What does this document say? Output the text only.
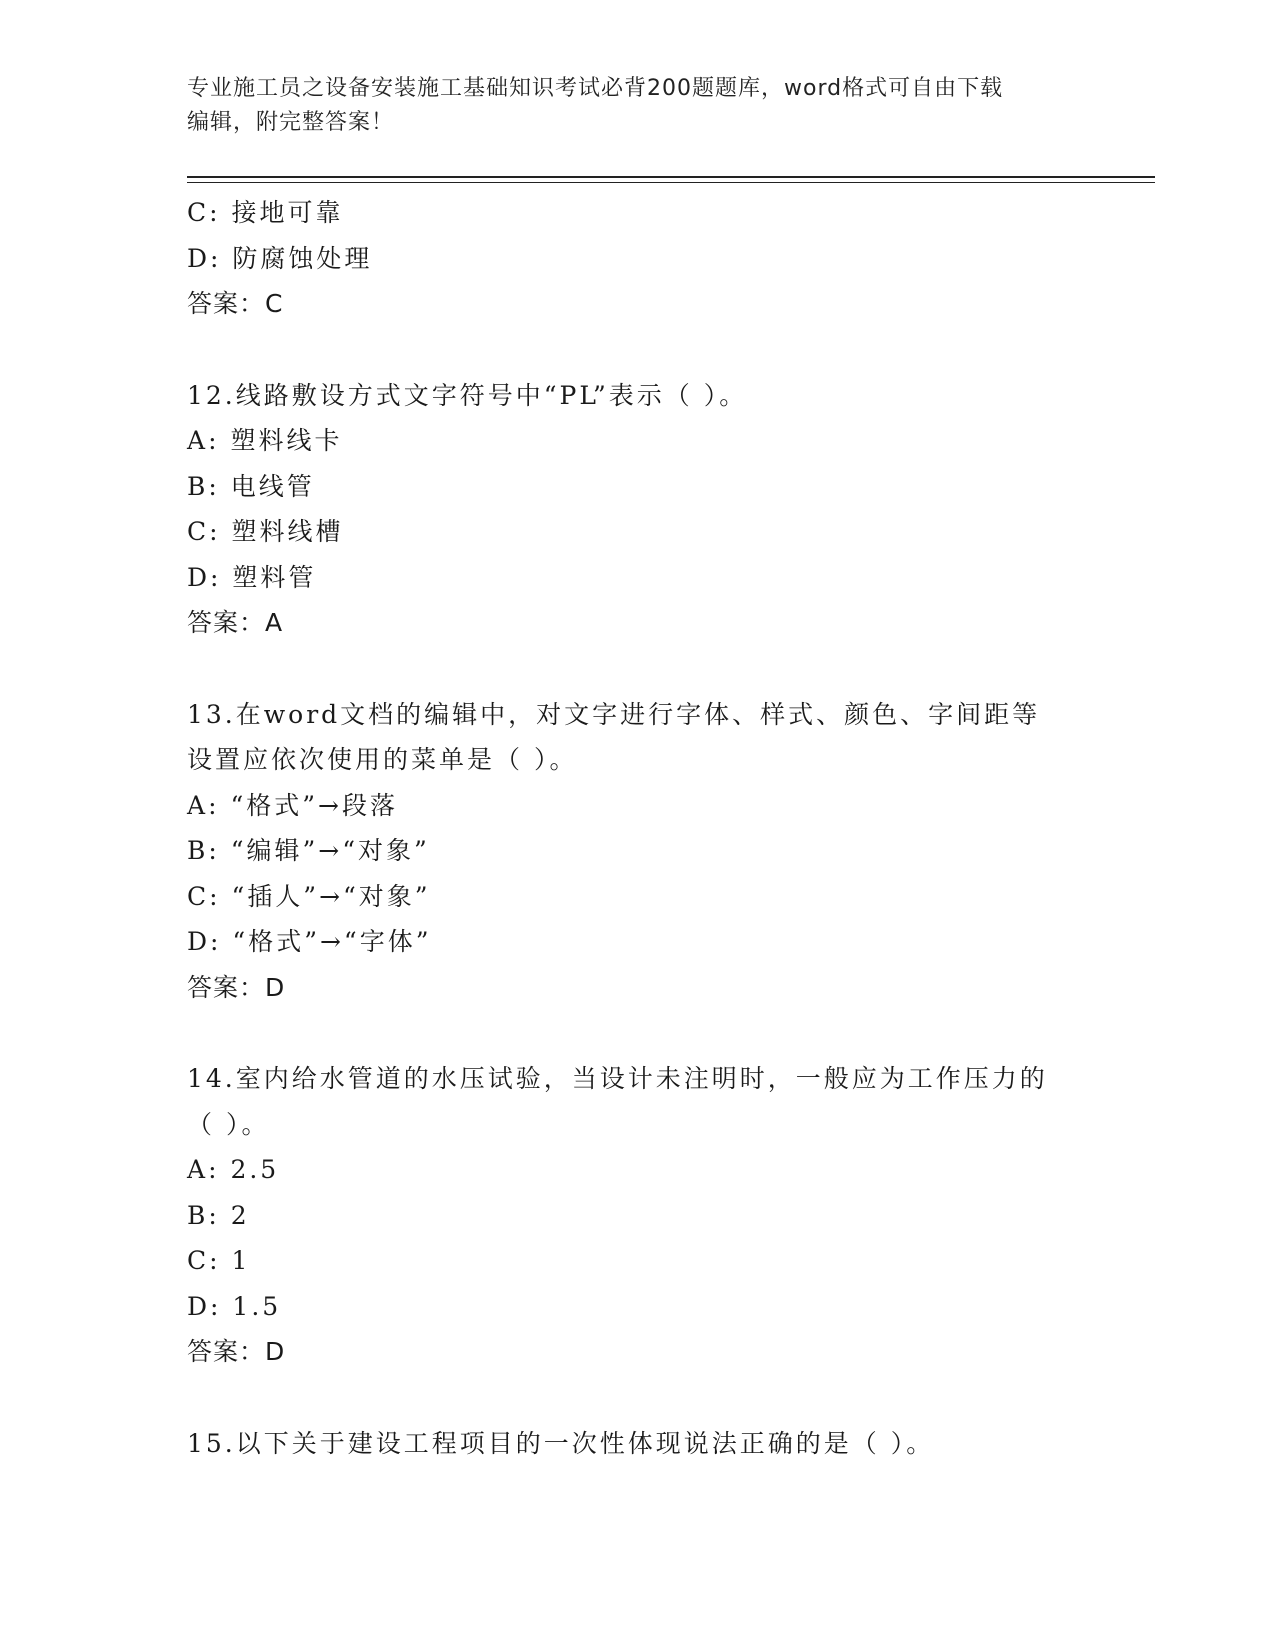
专业施工员之设备安装施工基础知识考试必背200题题库，word格式可自由下载
编辑，附完整答案！
C: 接地可靠
D: 防腐蚀处理
答案：C
12.线路敷设方式文字符号中“PL”表示（ ）。
A: 塑料线卡
B: 电线管
C: 塑料线槽
D: 塑料管
答案：A
13.在word文档的编辑中，对文字进行字体、样式、颜色、字间距等
设置应依次使用的菜单是（ ）。
A: “格式”→段落
B: “编辑”→“对象”
C: “插人”→“对象”
D: “格式”→“字体”
答案：D
14.室内给水管道的水压试验，当设计未注明时，一般应为工作压力的
（ ）。
A: 2.5
B: 2
C: 1
D: 1.5
答案：D
15.以下关于建设工程项目的一次性体现说法正确的是（ ）。
